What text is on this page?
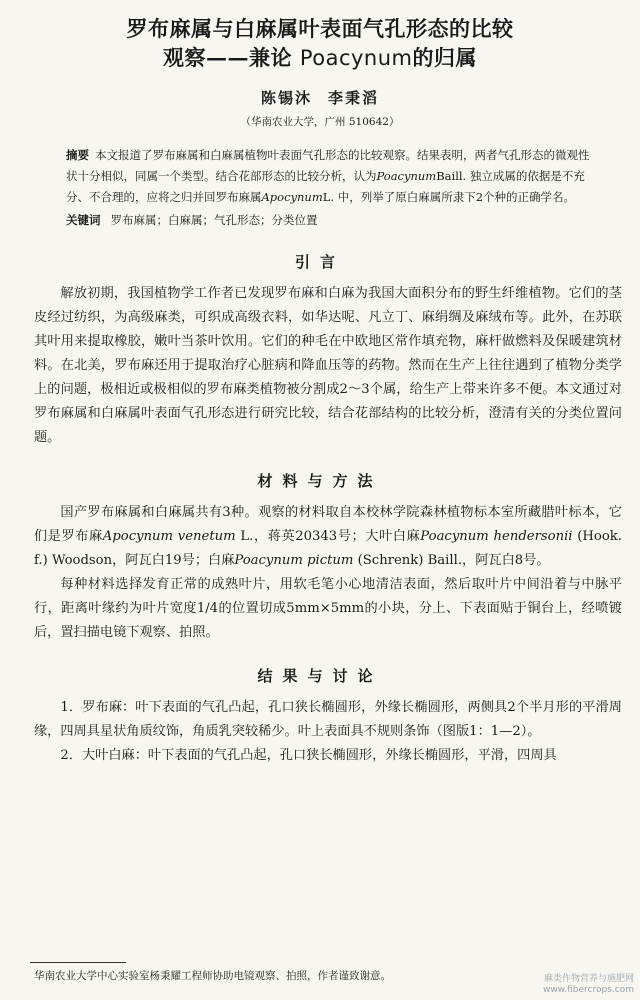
罗布麻属与白麻属叶表面气孔形态的比较
观察——兼论 Poacynum的归属
陈锡沐 李秉滔
（华南农业大学，广州 510642）
摘要 本文报道了罗布麻属和白麻属植物叶表面气孔形态的比较观察。结果表明，两者气孔形态的微观性状十分相似，同属一个类型。结合花部形态的比较分析，认为PoacynumBaill. 独立成属的依据是不充分、不合理的，应将之归并回罗布麻属ApocynumL. 中，列举了原白麻属所隶下2个种的正确学名。
关键词 罗布麻属；白麻属；气孔形态；分类位置
引言
解放初期，我国植物学工作者已发现罗布麻和白麻为我国大面积分布的野生纤维植物。它们的茎皮经过纺织，为高级麻类，可织成高级衣料，如华达呢、凡立丁、麻绢绸及麻绒布等。此外，在苏联其叶用来提取橡胶，嫩叶当茶叶饮用。它们的种毛在中欧地区常作填充物，麻杆做燃料及保暖建筑材料。在北美，罗布麻还用于提取治疗心脏病和降血压等的药物。然而在生产上往往遇到了植物分类学上的问题，极相近或极相似的罗布麻类植物被分割成2～3个属，给生产上带来许多不便。本文通过对罗布麻属和白麻属叶表面气孔形态进行研究比较，结合花部结构的比较分析，澄清有关的分类位置问题。
材料与方法
国产罗布麻属和白麻属共有3种。观察的材料取自本校林学院森林植物标本室所藏腊叶标本，它们是罗布麻Apocynum venetum L.，蒋英20343号；大叶白麻Poacynum hendersonii (Hook. f.) Woodson，阿瓦白19号；白麻Poacynum pictum (Schrenk) Baill.，阿瓦白8号。
每种材料选择发育正常的成熟叶片，用软毛笔小心地清洁表面，然后取叶片中间沿着与中脉平行，距离叶缘约为叶片宽度1/4的位置切成5mm×5mm的小块，分上、下表面贴于铜台上，经喷镀后，置扫描电镜下观察、拍照。
结果与讨论
1．罗布麻：叶下表面的气孔凸起，孔口狭长椭圆形，外缘长椭圆形，两侧具2个半月形的平滑周缘，四周具星状角质纹饰，角质乳突较稀少。叶上表面具不规则条饰（图版1：1—2）。
2．大叶白麻：叶下表面的气孔凸起，孔口狭长椭圆形，外缘长椭圆形，平滑，四周具
华南农业大学中心实验室杨秉耀工程师协助电镜观察、拍照，作者谨致谢意。	麻类作物营养与施肥网
www.fibercrops.com
